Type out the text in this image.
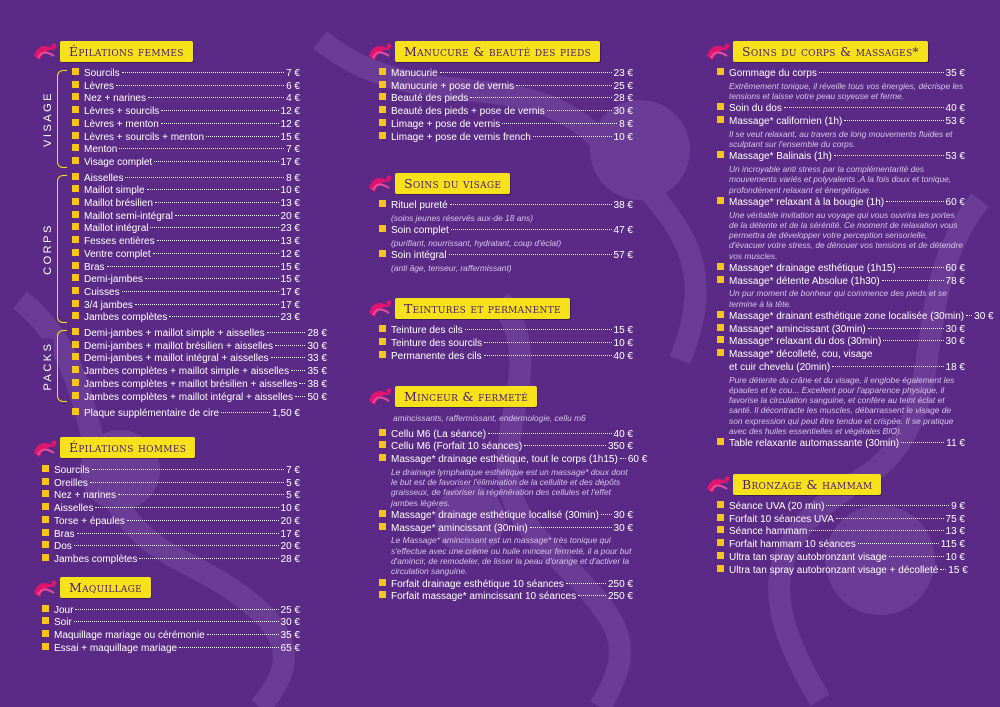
Épilations femmes
VISAGE
Sourcils	7 €
Lèvres	6 €
Nez + narines	4 €
Lèvres + sourcils	12 €
Lèvres + menton	12 €
Lèvres + sourcils + menton	15 €
Menton	7 €
Visage complet	17 €
CORPS
Aisselles	8 €
Maillot simple	10 €
Maillot brésilien	13 €
Maillot semi-intégral	20 €
Maillot intégral	23 €
Fesses entières	13 €
Ventre complet	12 €
Bras	15 €
Demi-jambes	15 €
Cuisses	17 €
3/4 jambes	17 €
Jambes complètes	23 €
PACKS
Demi-jambes + maillot simple + aisselles	28 €
Demi-jambes + maillot brésilien + aisselles	30 €
Demi-jambes + maillot intégral + aisselles	33 €
Jambes complètes + maillot simple + aisselles 35 €
Jambes complètes + maillot brésilien + aisselles 38 €
Jambes complètes + maillot intégral + aisselles 50 €
Plaque supplémentaire de cire	1,50 €
Épilations hommes
Sourcils	7 €
Oreilles	5 €
Nez + narines	5 €
Aisselles	10 €
Torse + épaules	20 €
Bras	17 €
Dos	20 €
Jambes complètes	28 €
Maquillage
Jour	25 €
Soir	30 €
Maquillage mariage ou cérémonie	35 €
Essai + maquillage mariage	65 €
Manucure & beauté des pieds
Manucurie	23 €
Manucurie + pose de vernis	25 €
Beauté des pieds	28 €
Beauté des pieds + pose de vernis	30 €
Limage + pose de vernis	8 €
Limage + pose de vernis french	10 €
Soins du visage
Rituel pureté	38 €
(soins jeunes réservés aux-de 18 ans)
Soin complet	47 €
(purifiant, nourrissant, hydratant, coup d'éclat)
Soin intégral	57 €
(anti âge, tenseur, raffermissant)
Teintures et permanente
Teinture des cils	15 €
Teinture des sourcils	10 €
Permanente des cils	40 €
Minceur & fermeté
amincissants, raffermissant, endermologie, cellu m6
Cellu M6 (La séance)	40 €
Cellu M6 (Forfait 10 séances)	350 €
Massage* drainage esthétique, tout le corps (1h15) 60 €
Le drainage lymphatique esthétique est un massage* doux dont le but est de favoriser l'élimination de la cellulite et des dépôts graisseux, de favoriser la régénération des cellules et l'effet jambes légères.
Massage* drainage esthétique localisé (30min) 30 €
Massage* amincissant (30min)	30 €
Le Massage* amincissant est un massage* très tonique qui s'effectue avec une crème ou huile minceur fermeté, il a pour but d'amincir, de remodeler, de lisser la peau d'orange et d'activer la circulation sanguine.
Forfait drainage esthétique 10 séances	250 €
Forfait massage* amincissant 10 séances	250 €
Soins du corps & massages*
Gommage du corps	35 €
Extrêmement tonique, il réveille tous vos énergies, décrispe les tensions et laisse votre peau soyeuse et ferme.
Soin du dos	40 €
Massage* californien (1h)	53 €
Il se veut relaxant, au travers de long mouvements fluides et sculptant sur l'ensemble du corps.
Massage* Balinais (1h)	53 €
Un incroyable anti stress par la complémentarité des mouvements variés et polyvalents .A la fois doux et tonique, profondément relaxant et énergétique.
Massage* relaxant à la bougie (1h)	60 €
Une véritable invitation au voyage qui vous ouvrira les portes de la détente et de la sérénité. Ce moment de relaxation vous permettra de développer votre perception sensorielle, d'évacuer votre stress, de dénouer vos tensions et de détendre vos muscles.
Massage* drainage esthétique (1h15)	60 €
Massage* détente Absolue (1h30)	78 €
Un pur moment de bonheur qui commence des pieds et se termine à la tête.
Massage* drainant esthétique zone localisée (30min) 30 €
Massage* amincissant (30min)	30 €
Massage* relaxant du dos (30min)	30 €
Massage* décolleté, cou, visage
et cuir chevelu (20min)	18 €
Pure détente du crâne et du visage, il englobe également les épaules et le cou... Excellent pour l'apparence physique, il favorise la circulation sanguine, et confère au teint éclat et santé. Il décontracte les muscles, débarrassent le visage de son expression qui peut être tendue et crispée. Il se pratique avec des huiles essentielles et végétales BIO).
Table relaxante automassante (30min)	11 €
Bronzage & hammam
Séance UVA (20 min)	9 €
Forfait 10 séances UVA	75 €
Séance hammam	13 €
Forfait hammam 10 séances	115 €
Ultra tan spray autobronzant visage	10 €
Ultra tan spray autobronzant visage + décolleté 15 €
